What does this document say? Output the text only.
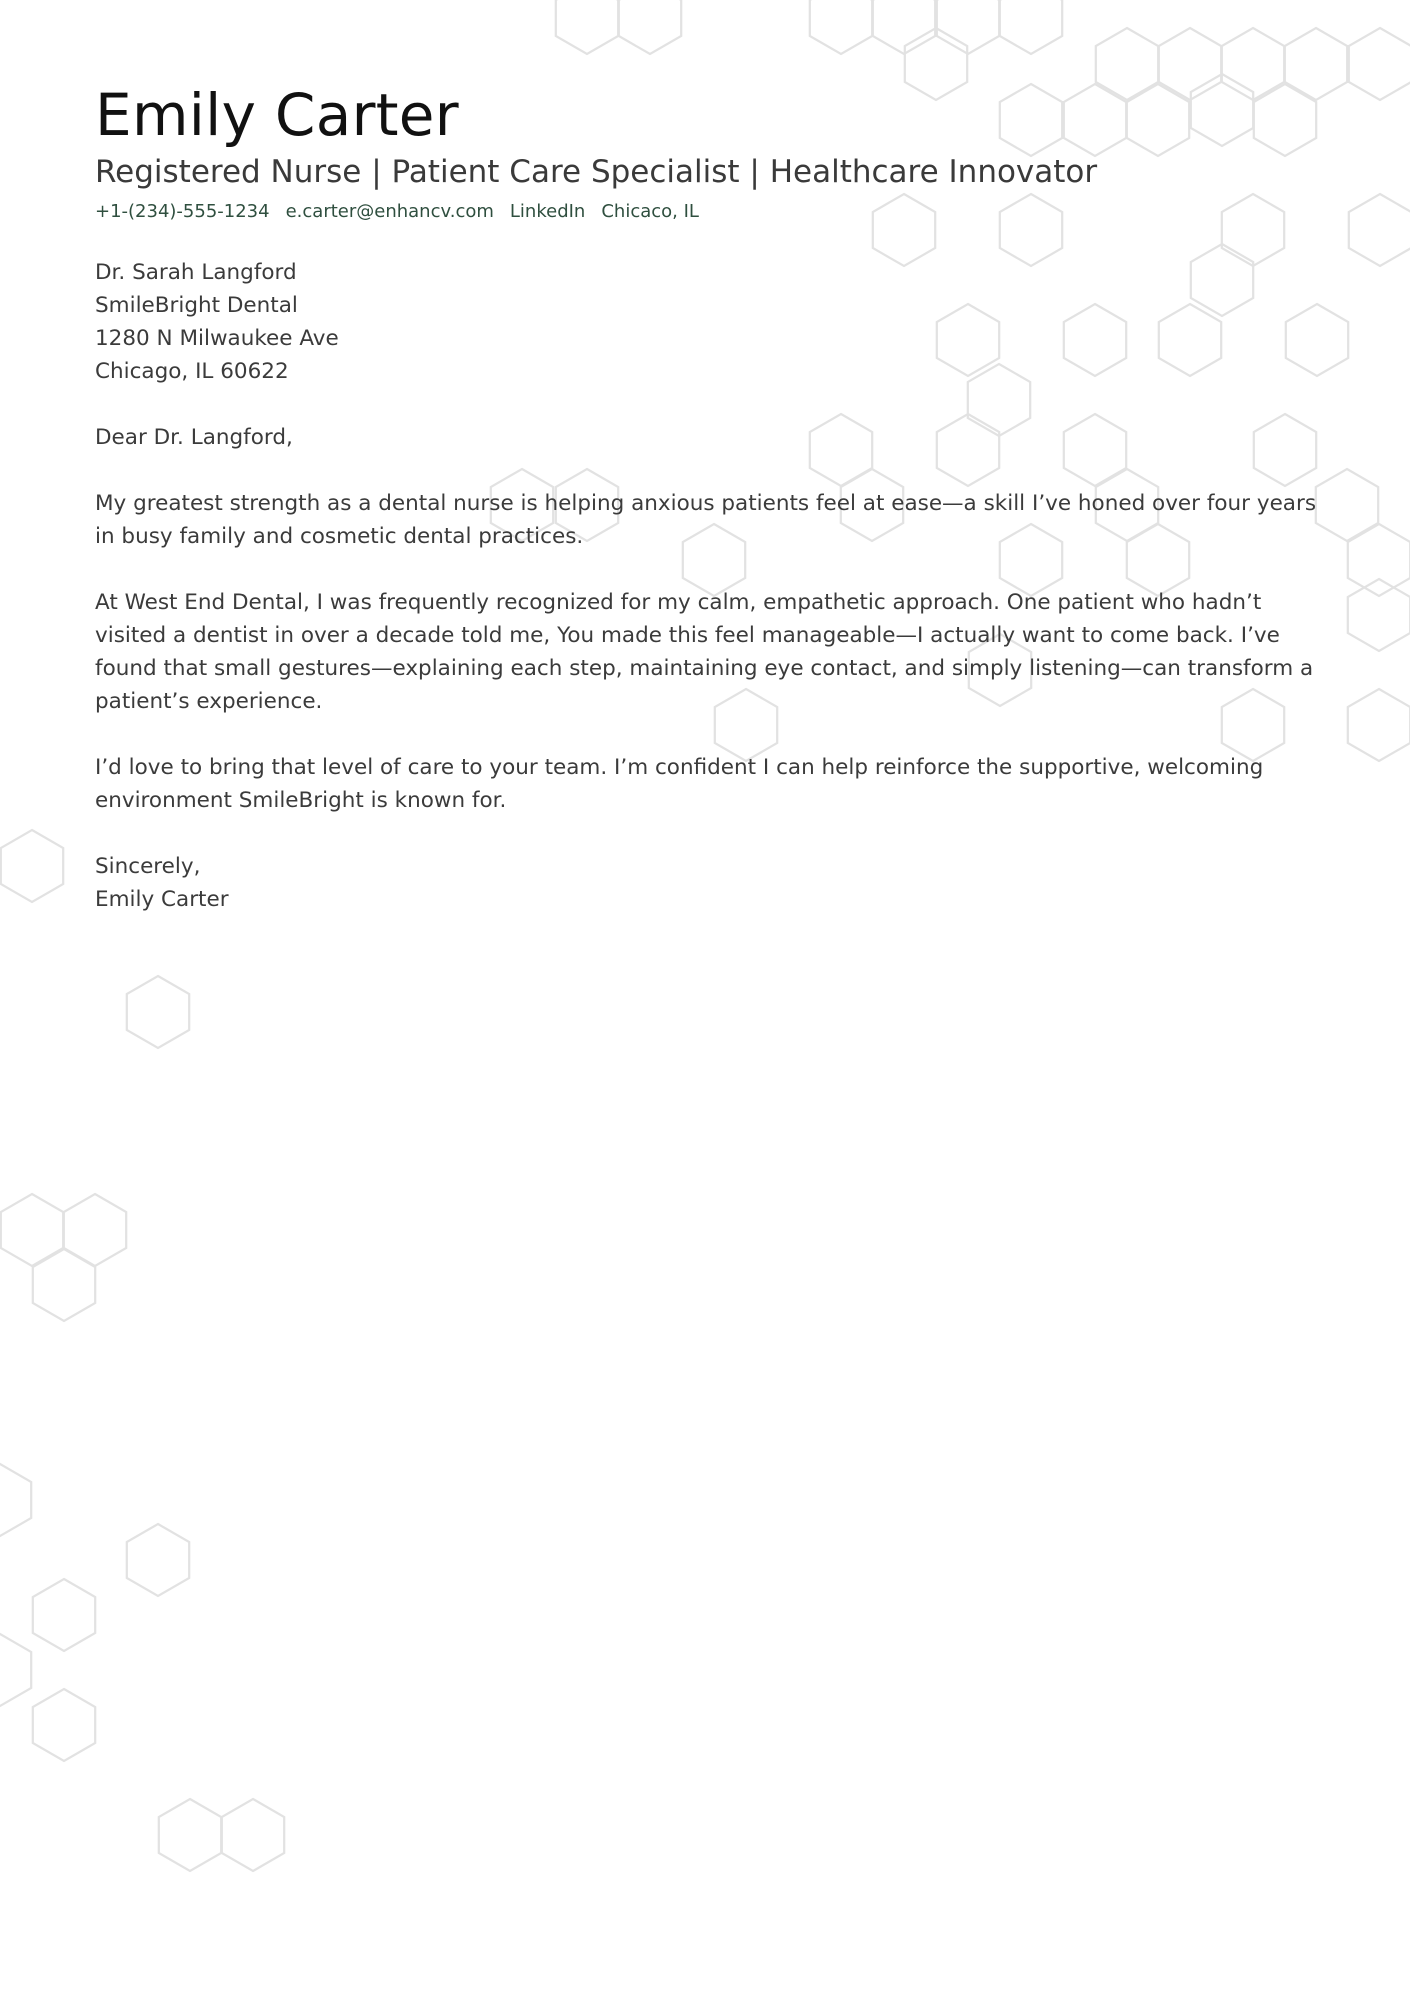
Emily Carter
Registered Nurse | Patient Care Specialist | Healthcare Innovator
+1-(234)-555-1234 e.carter@enhancv.com LinkedIn Chicaco, IL
Dr. Sarah Langford
SmileBright Dental
1280 N Milwaukee Ave
Chicago, IL 60622
Dear Dr. Langford,
My greatest strength as a dental nurse is helping anxious patients feel at ease—a skill I’ve honed over four years in busy family and cosmetic dental practices.
At West End Dental, I was frequently recognized for my calm, empathetic approach. One patient who hadn’t visited a dentist in over a decade told me, You made this feel manageable—I actually want to come back. I’ve found that small gestures—explaining each step, maintaining eye contact, and simply listening—can transform a patient’s experience.
I’d love to bring that level of care to your team. I’m confident I can help reinforce the supportive, welcoming environment SmileBright is known for.
Sincerely,
Emily Carter
